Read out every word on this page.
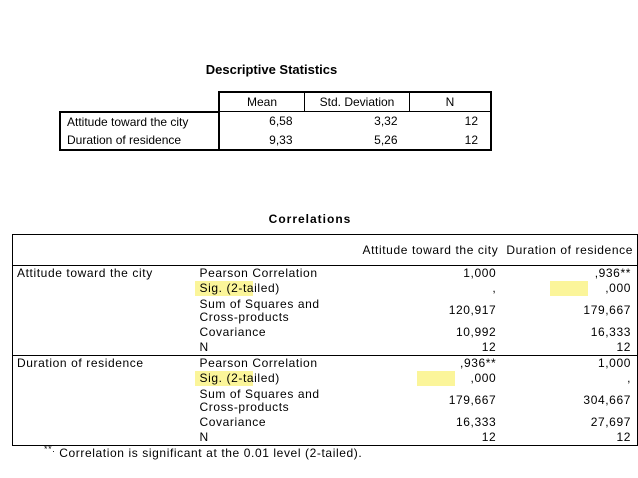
Descriptive Statistics
	Mean	Std. Deviation	N
Attitude toward the city	6,58	3,32	12
Duration of residence	9,33	5,26	12
Correlations
		Attitude toward the city	Duration of residence
Attitude toward the city	Pearson Correlation	1,000	,936**
	Sig. (2-tailed)	,	,000
	Sum of Squares and Cross-products	120,917	179,667
	Covariance	10,992	16,333
	N	12	12
Duration of residence	Pearson Correlation	,936**	1,000
	Sig. (2-tailed)	,000	,
	Sum of Squares and Cross-products	179,667	304,667
	Covariance	16,333	27,697
	N	12	12
**. Correlation is significant at the 0.01 level (2-tailed).
